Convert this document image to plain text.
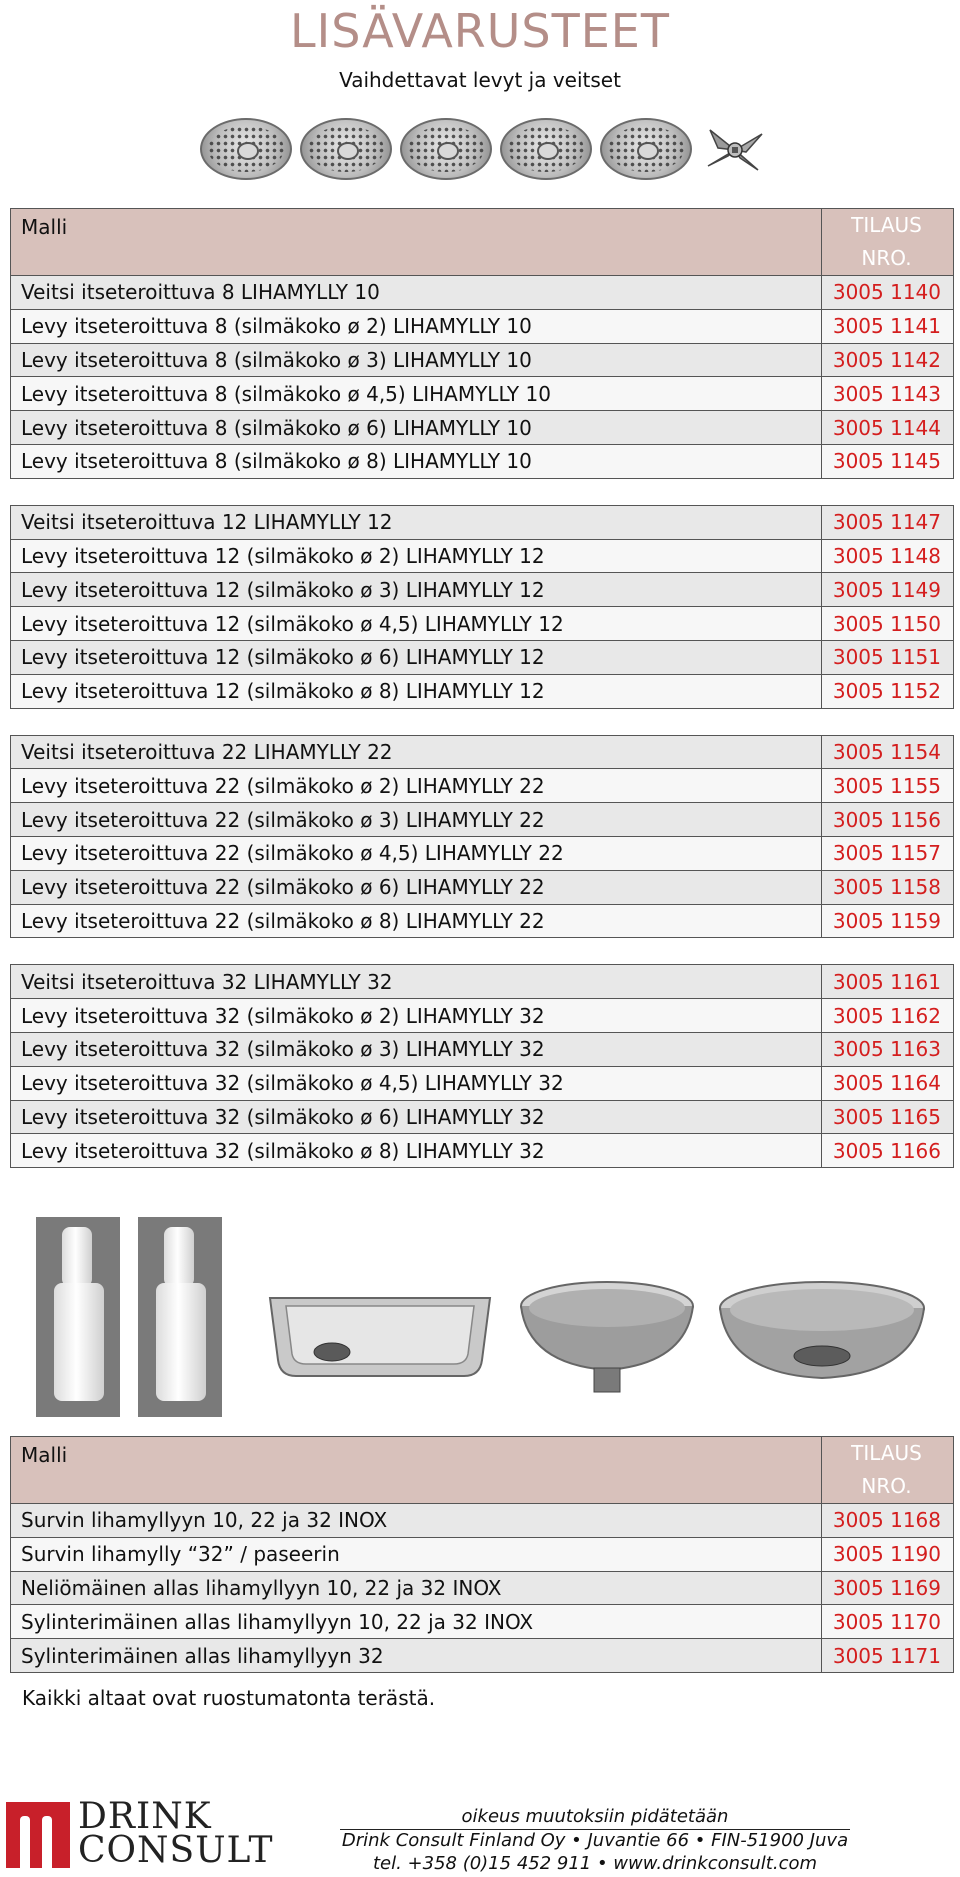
LISÄVARUSTEET
Vaihdettavat levyt ja veitset
Malli	TILAUS
NRO.

Veitsi itseteroittuva 8 LIHAMYLLY 10	3005 1140
Levy itseteroittuva 8 (silmäkoko ø 2) LIHAMYLLY 10	3005 1141
Levy itseteroittuva 8 (silmäkoko ø 3) LIHAMYLLY 10	3005 1142
Levy itseteroittuva 8 (silmäkoko ø 4,5) LIHAMYLLY 10	3005 1143
Levy itseteroittuva 8 (silmäkoko ø 6) LIHAMYLLY 10	3005 1144
Levy itseteroittuva 8 (silmäkoko ø 8) LIHAMYLLY 10	3005 1145

Veitsi itseteroittuva 12 LIHAMYLLY 12	3005 1147
Levy itseteroittuva 12 (silmäkoko ø 2) LIHAMYLLY 12	3005 1148
Levy itseteroittuva 12 (silmäkoko ø 3) LIHAMYLLY 12	3005 1149
Levy itseteroittuva 12 (silmäkoko ø 4,5) LIHAMYLLY 12	3005 1150
Levy itseteroittuva 12 (silmäkoko ø 6) LIHAMYLLY 12	3005 1151
Levy itseteroittuva 12 (silmäkoko ø 8) LIHAMYLLY 12	3005 1152

Veitsi itseteroittuva 22 LIHAMYLLY 22	3005 1154
Levy itseteroittuva 22 (silmäkoko ø 2) LIHAMYLLY 22	3005 1155
Levy itseteroittuva 22 (silmäkoko ø 3) LIHAMYLLY 22	3005 1156
Levy itseteroittuva 22 (silmäkoko ø 4,5) LIHAMYLLY 22	3005 1157
Levy itseteroittuva 22 (silmäkoko ø 6) LIHAMYLLY 22	3005 1158
Levy itseteroittuva 22 (silmäkoko ø 8) LIHAMYLLY 22	3005 1159

Veitsi itseteroittuva 32 LIHAMYLLY 32	3005 1161
Levy itseteroittuva 32 (silmäkoko ø 2) LIHAMYLLY 32	3005 1162
Levy itseteroittuva 32 (silmäkoko ø 3) LIHAMYLLY 32	3005 1163
Levy itseteroittuva 32 (silmäkoko ø 4,5) LIHAMYLLY 32	3005 1164
Levy itseteroittuva 32 (silmäkoko ø 6) LIHAMYLLY 32	3005 1165
Levy itseteroittuva 32 (silmäkoko ø 8) LIHAMYLLY 32	3005 1166
Malli	TILAUS
NRO.

Survin lihamyllyyn 10, 22 ja 32 INOX	3005 1168
Survin lihamylly “32” / paseerin	3005 1190
Neliömäinen allas lihamyllyyn 10, 22 ja 32 INOX	3005 1169
Sylinterimäinen allas lihamyllyyn 10, 22 ja 32 INOX	3005 1170
Sylinterimäinen allas lihamyllyyn 32	3005 1171
Kaikki altaat ovat ruostumatonta terästä.
DRINK
CONSULT
oikeus muutoksiin pidätetään
Drink Consult Finland Oy • Juvantie 66 • FIN-51900 Juva
tel. +358 (0)15 452 911 • www.drinkconsult.com
